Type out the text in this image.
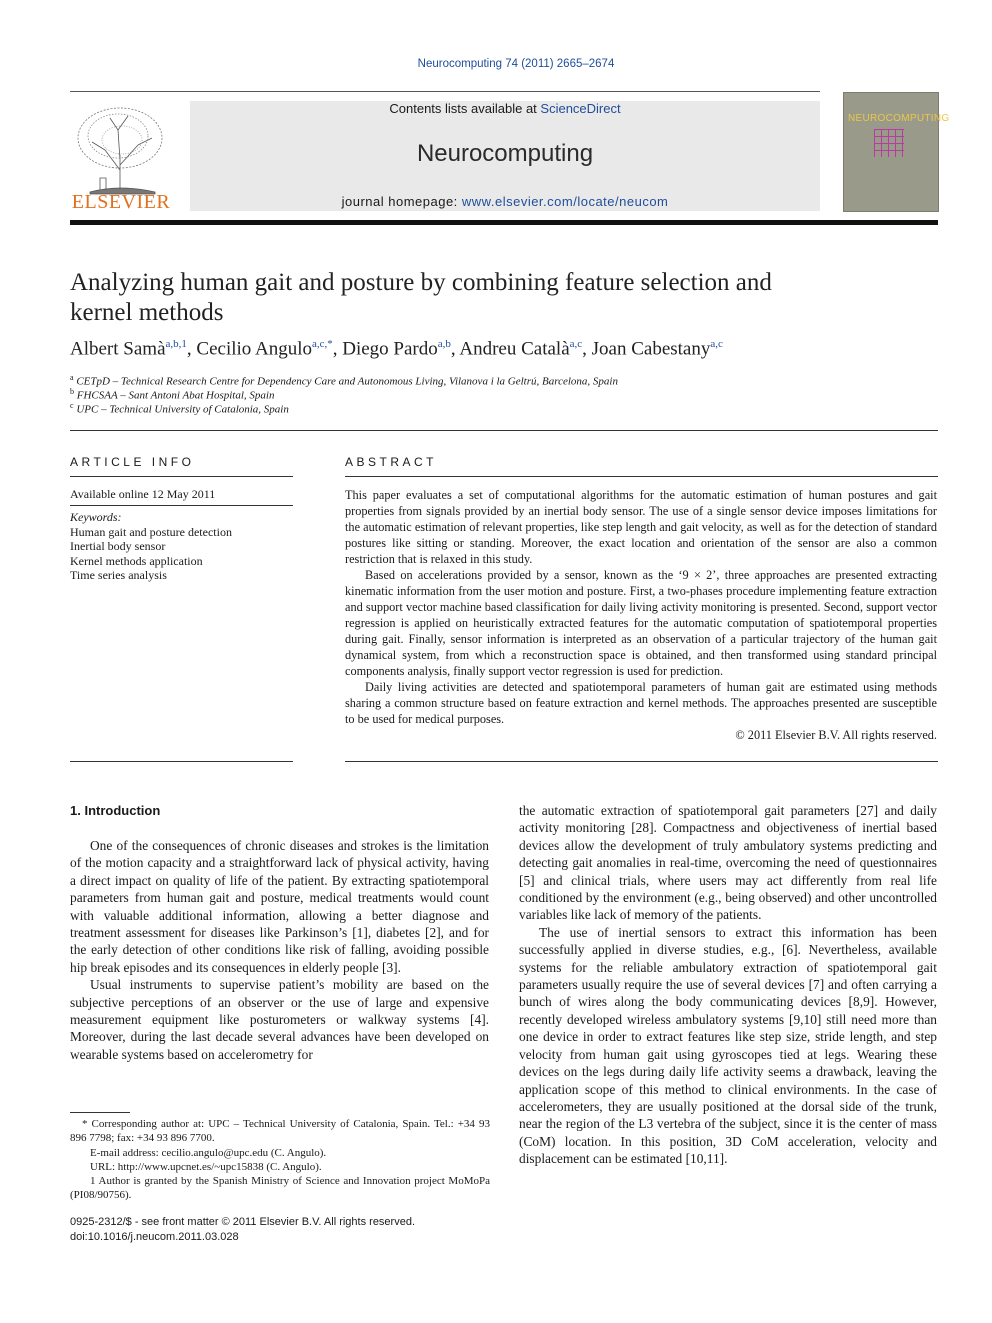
Neurocomputing 74 (2011) 2665–2674
ELSEVIER
Contents lists available at ScienceDirect
Neurocomputing
journal homepage: www.elsevier.com/locate/neucom
NEUROCOMPUTING
Analyzing human gait and posture by combining feature selection and
kernel methods
Albert Samà$^{a,b,1}$, Cecilio Angulo$^{a,c,*}$, Diego Pardo$^{a,b}$, Andreu Català$^{a,c}$, Joan Cabestany$^{a,c}$
$^a$ CETpD – Technical Research Centre for Dependency Care and Autonomous Living, Vilanova i la Geltrú, Barcelona, Spain
$^b$ FHCSAA – Sant Antoni Abat Hospital, Spain
$^c$ UPC – Technical University of Catalonia, Spain
ARTICLE INFO
Available online 12 May 2011
Keywords:
Human gait and posture detection
Inertial body sensor
Kernel methods application
Time series analysis
ABSTRACT

This paper evaluates a set of computational algorithms for the automatic estimation of human postures and gait properties from signals provided by an inertial body sensor. The use of a single sensor device imposes limitations for the automatic estimation of relevant properties, like step length and gait velocity, as well as for the detection of standard postures like sitting or standing. Moreover, the exact location and orientation of the sensor are also a common restriction that is relaxed in this study.

Based on accelerations provided by a sensor, known as the ‘9 × 2’, three approaches are presented extracting kinematic information from the user motion and posture. First, a two-phases procedure implementing feature extraction and support vector machine based classification for daily living activity monitoring is presented. Second, support vector regression is applied on heuristically extracted features for the automatic computation of spatiotemporal properties during gait. Finally, sensor information is interpreted as an observation of a particular trajectory of the human gait dynamical system, from which a reconstruction space is obtained, and then transformed using standard principal components analysis, finally support vector regression is used for prediction.

Daily living activities are detected and spatiotemporal parameters of human gait are estimated using methods sharing a common structure based on feature extraction and kernel methods. The approaches presented are susceptible to be used for medical purposes.

© 2011 Elsevier B.V. All rights reserved.

1. Introduction

One of the consequences of chronic diseases and strokes is the limitation of the motion capacity and a straightforward lack of physical activity, having a direct impact on quality of life of the patient. By extracting spatiotemporal parameters from human gait and posture, medical treatments would count with valuable additional information, allowing a better diagnose and treatment assessment for diseases like Parkinson’s [1], diabetes [2], and for the early detection of other conditions like risk of falling, avoiding possible hip break episodes and its consequences in elderly people [3].

Usual instruments to supervise patient’s mobility are based on the subjective perceptions of an observer or the use of large and expensive measurement equipment like posturometers or walkway systems [4]. Moreover, during the last decade several advances have been developed on wearable systems based on accelerometry for

the automatic extraction of spatiotemporal gait parameters [27] and daily activity monitoring [28]. Compactness and objectiveness of inertial based devices allow the development of truly ambulatory systems predicting and detecting gait anomalies in real-time, overcoming the need of questionnaires [5] and clinical trials, where users may act differently from real life conditioned by the environment (e.g., being observed) and other uncontrolled variables like lack of memory of the patients.

The use of inertial sensors to extract this information has been successfully applied in diverse studies, e.g., [6]. Nevertheless, available systems for the reliable ambulatory extraction of spatiotemporal gait parameters usually require the use of several devices [7] and often carrying a bunch of wires along the body communicating devices [8,9]. However, recently developed wireless ambulatory systems [9,10] still need more than one device in order to extract features like step size, stride length, and step velocity from human gait using gyroscopes tied at legs. Wearing these devices on the legs during daily life activity seems a drawback, leaving the application scope of this method to clinical environments. In the case of accelerometers, they are usually positioned at the dorsal side of the trunk, near the region of the L3 vertebra of the subject, since it is the center of mass (CoM) location. In this position, 3D CoM acceleration, velocity and displacement can be estimated [10,11].

* Corresponding author at: UPC – Technical University of Catalonia, Spain. Tel.: +34 93 896 7798; fax: +34 93 896 7700.
E-mail address: cecilio.angulo@upc.edu (C. Angulo).
URL: http://www.upcnet.es/~upc15838 (C. Angulo).
1 Author is granted by the Spanish Ministry of Science and Innovation project MoMoPa (PI08/90756).
0925-2312/$ - see front matter © 2011 Elsevier B.V. All rights reserved.
doi:10.1016/j.neucom.2011.03.028
